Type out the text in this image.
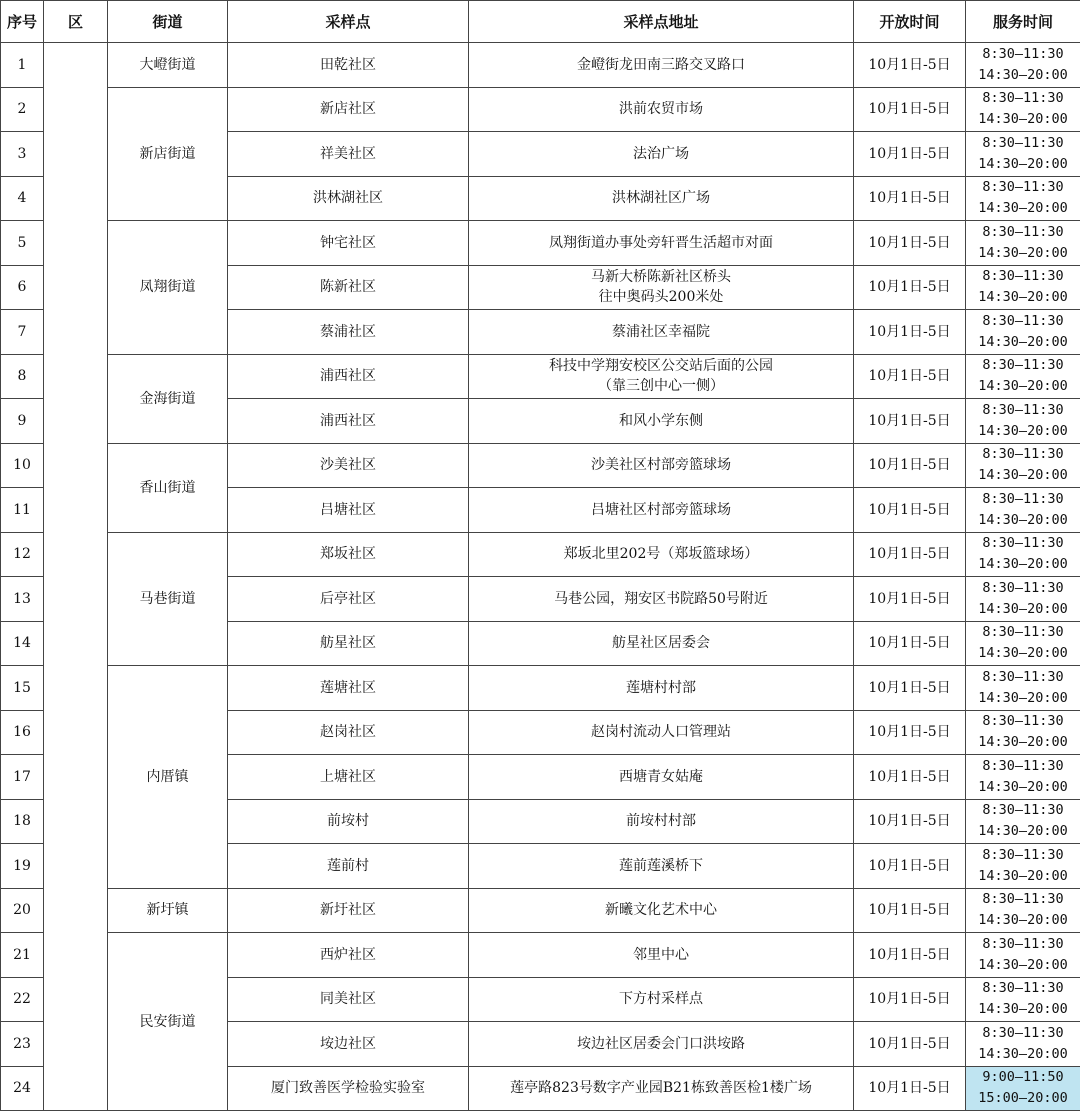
序号	区	街道	采样点	采样点地址	开放时间	服务时间
1		大嶝街道	田乾社区	金嶝街龙田南三路交叉路口	10月1日-5日	8:30—11:30
14:30—20:00

2		新店街道	新店社区	洪前农贸市场	10月1日-5日	8:30—11:30
14:30—20:00

3			祥美社区	法治广场	10月1日-5日	8:30—11:30
14:30—20:00

4			洪林湖社区	洪林湖社区广场	10月1日-5日	8:30—11:30
14:30—20:00

5		凤翔街道	钟宅社区	凤翔街道办事处旁轩晋生活超市对面	10月1日-5日	8:30—11:30
14:30—20:00

6			陈新社区	马新大桥陈新社区桥头
往中奥码头200米处	10月1日-5日	8:30—11:30
14:30—20:00

7			蔡浦社区	蔡浦社区幸福院	10月1日-5日	8:30—11:30
14:30—20:00

8		金海街道	浦西社区	科技中学翔安校区公交站后面的公园
（靠三创中心一侧）	10月1日-5日	8:30—11:30
14:30—20:00

9			浦西社区	和风小学东侧	10月1日-5日	8:30—11:30
14:30—20:00

10		香山街道	沙美社区	沙美社区村部旁篮球场	10月1日-5日	8:30—11:30
14:30—20:00

11			吕塘社区	吕塘社区村部旁篮球场	10月1日-5日	8:30—11:30
14:30—20:00

12		马巷街道	郑坂社区	郑坂北里202号（郑坂篮球场）	10月1日-5日	8:30—11:30
14:30—20:00

13			后亭社区	马巷公园，翔安区书院路50号附近	10月1日-5日	8:30—11:30
14:30—20:00

14			舫星社区	舫星社区居委会	10月1日-5日	8:30—11:30
14:30—20:00

15		内厝镇	莲塘社区	莲塘村村部	10月1日-5日	8:30—11:30
14:30—20:00

16			赵岗社区	赵岗村流动人口管理站	10月1日-5日	8:30—11:30
14:30—20:00

17			上塘社区	西塘青女姑庵	10月1日-5日	8:30—11:30
14:30—20:00

18			前垵村	前垵村村部	10月1日-5日	8:30—11:30
14:30—20:00

19			莲前村	莲前莲溪桥下	10月1日-5日	8:30—11:30
14:30—20:00

20		新圩镇	新圩社区	新曦文化艺术中心	10月1日-5日	8:30—11:30
14:30—20:00

21		民安街道	西炉社区	邻里中心	10月1日-5日	8:30—11:30
14:30—20:00

22			同美社区	下方村采样点	10月1日-5日	8:30—11:30
14:30—20:00

23			垵边社区	垵边社区居委会门口洪垵路	10月1日-5日	8:30—11:30
14:30—20:00

24			厦门致善医学检验实验室	莲亭路823号数字产业园B21栋致善医检1楼广场	10月1日-5日	9:00—11:50
15:00—20:00
